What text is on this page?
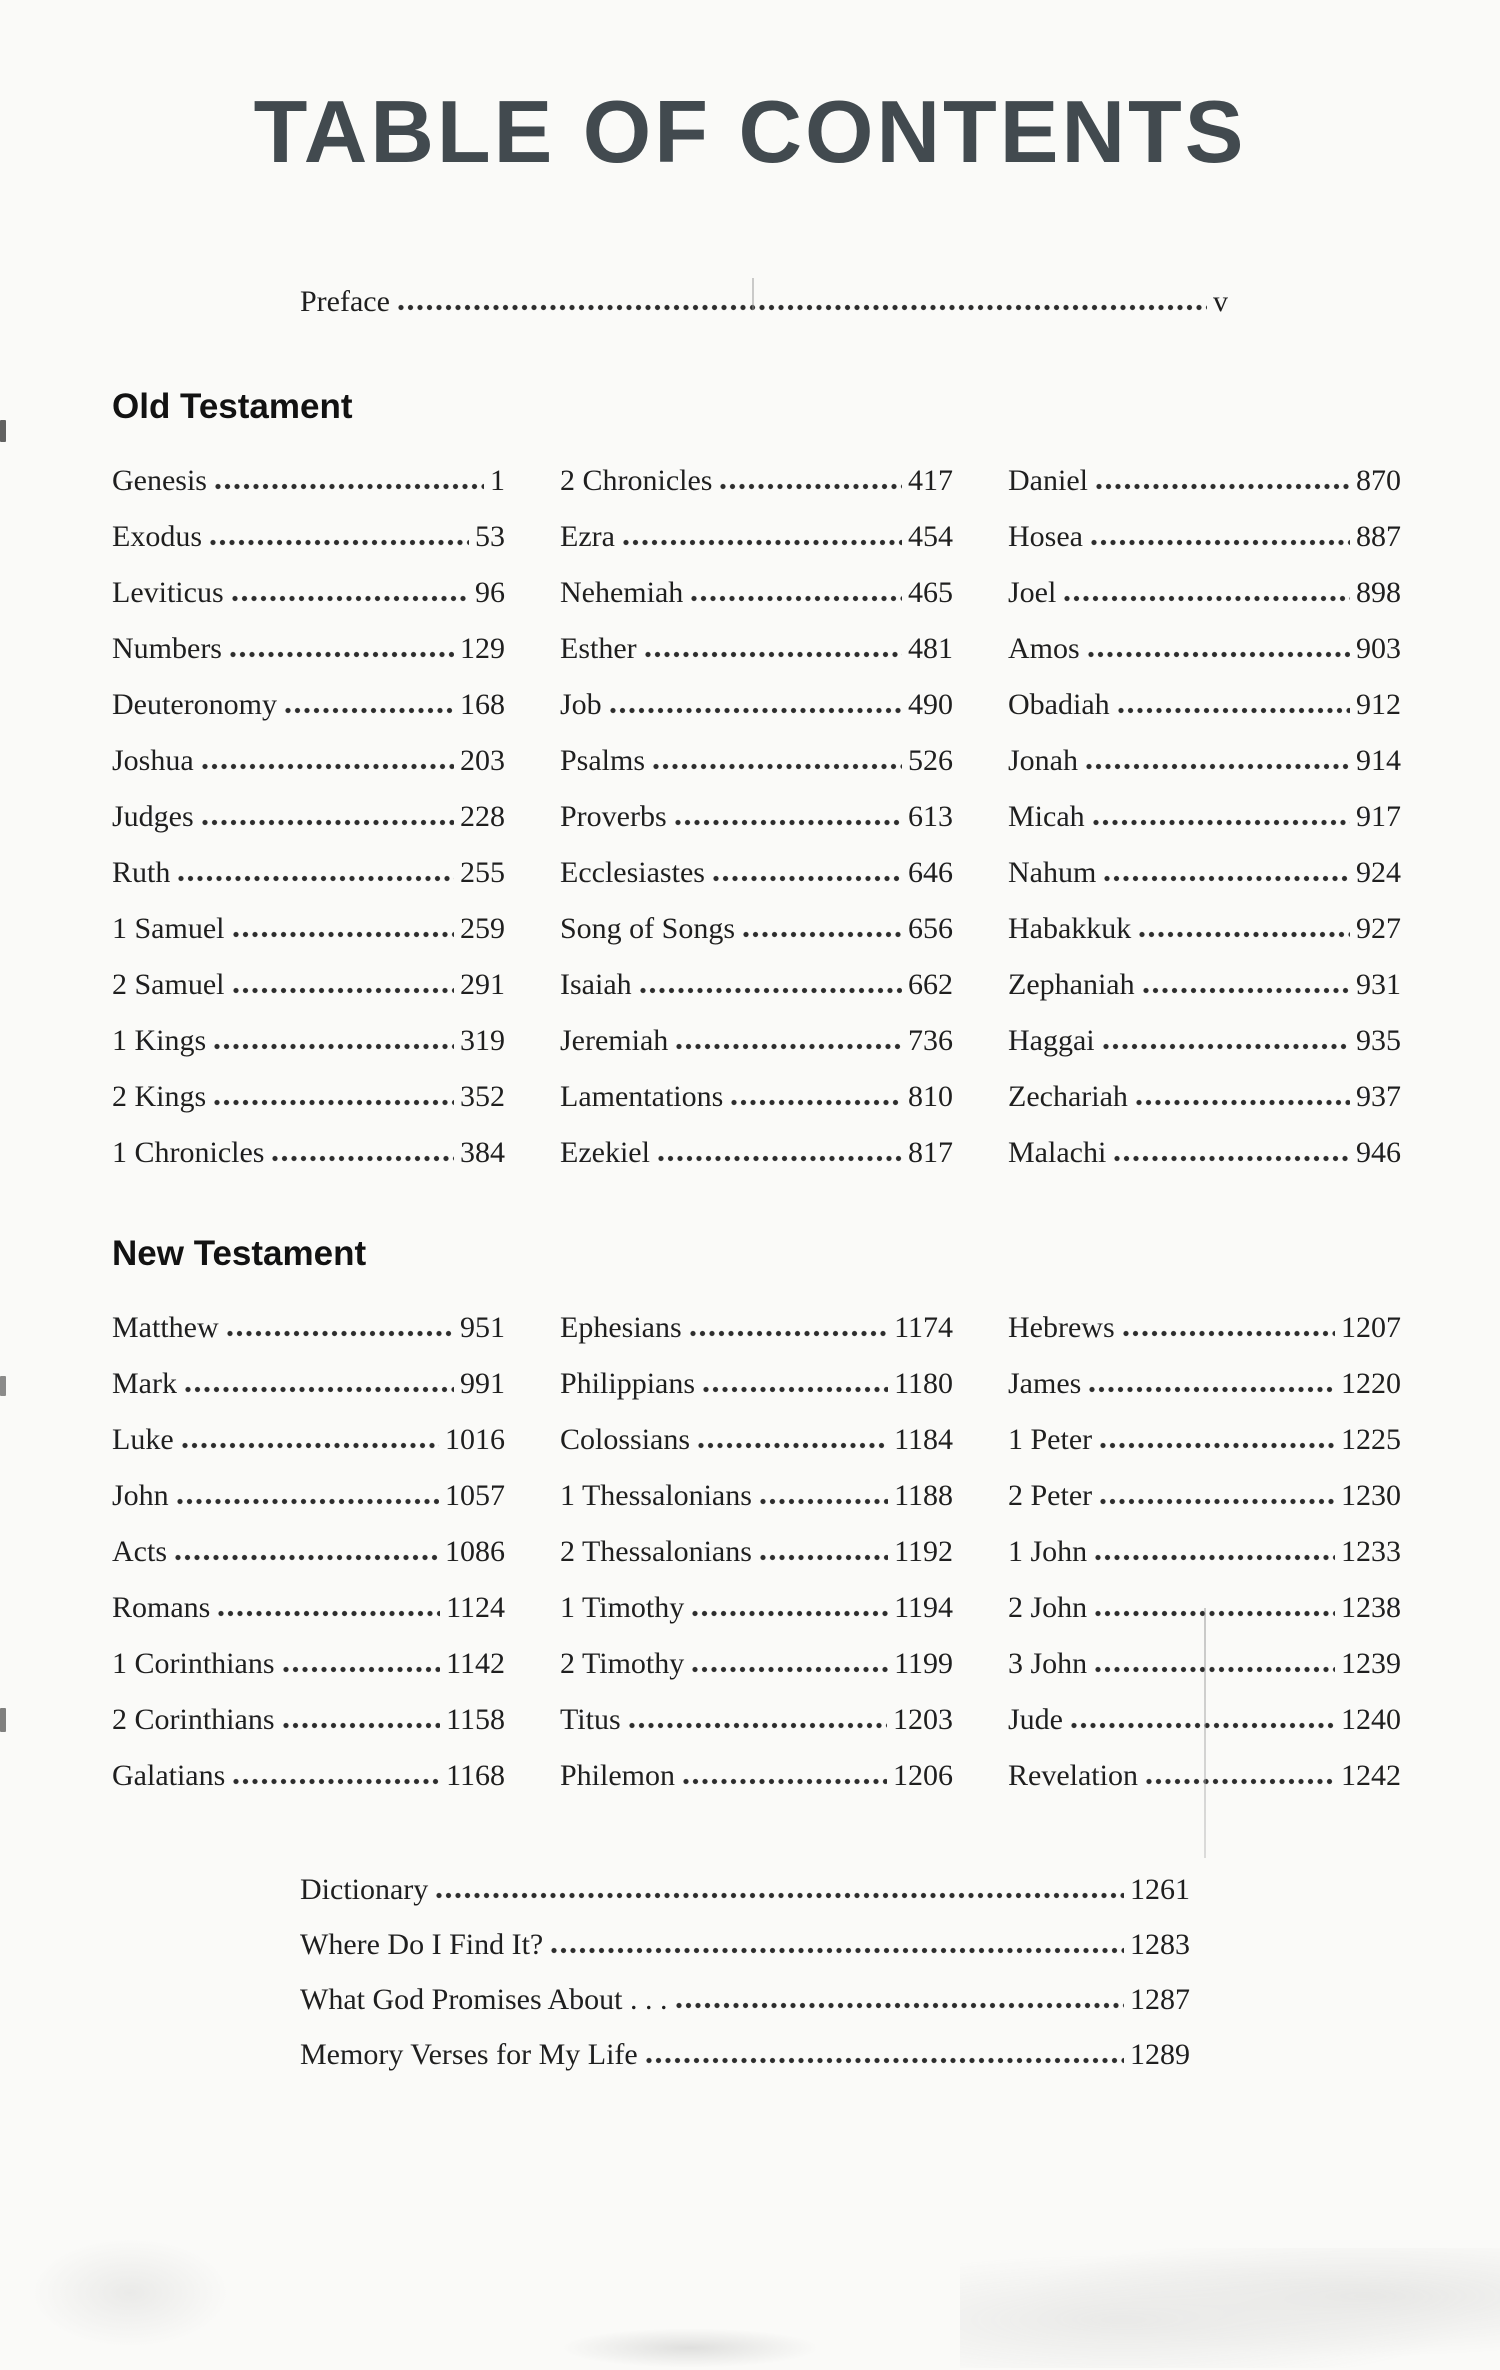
TABLE OF CONTENTS
Preface	v
Old Testament
Genesis	1
Exodus	53
Leviticus	96
Numbers	129
Deuteronomy	168
Joshua	203
Judges	228
Ruth	255
1 Samuel	259
2 Samuel	291
1 Kings	319
2 Kings	352
1 Chronicles	384
2 Chronicles	417
Ezra	454
Nehemiah	465
Esther	481
Job	490
Psalms	526
Proverbs	613
Ecclesiastes	646
Song of Songs	656
Isaiah	662
Jeremiah	736
Lamentations	810
Ezekiel	817
Daniel	870
Hosea	887
Joel	898
Amos	903
Obadiah	912
Jonah	914
Micah	917
Nahum	924
Habakkuk	927
Zephaniah	931
Haggai	935
Zechariah	937
Malachi	946
New Testament
Matthew	951
Mark	991
Luke	1016
John	1057
Acts	1086
Romans	1124
1 Corinthians	1142
2 Corinthians	1158
Galatians	1168
Ephesians	1174
Philippians	1180
Colossians	1184
1 Thessalonians	1188
2 Thessalonians	1192
1 Timothy	1194
2 Timothy	1199
Titus	1203
Philemon	1206
Hebrews	1207
James	1220
1 Peter	1225
2 Peter	1230
1 John	1233
2 John	1238
3 John	1239
Jude	1240
Revelation	1242
Dictionary	1261
Where Do I Find It?	1283
What God Promises About . . .	1287
Memory Verses for My Life	1289
